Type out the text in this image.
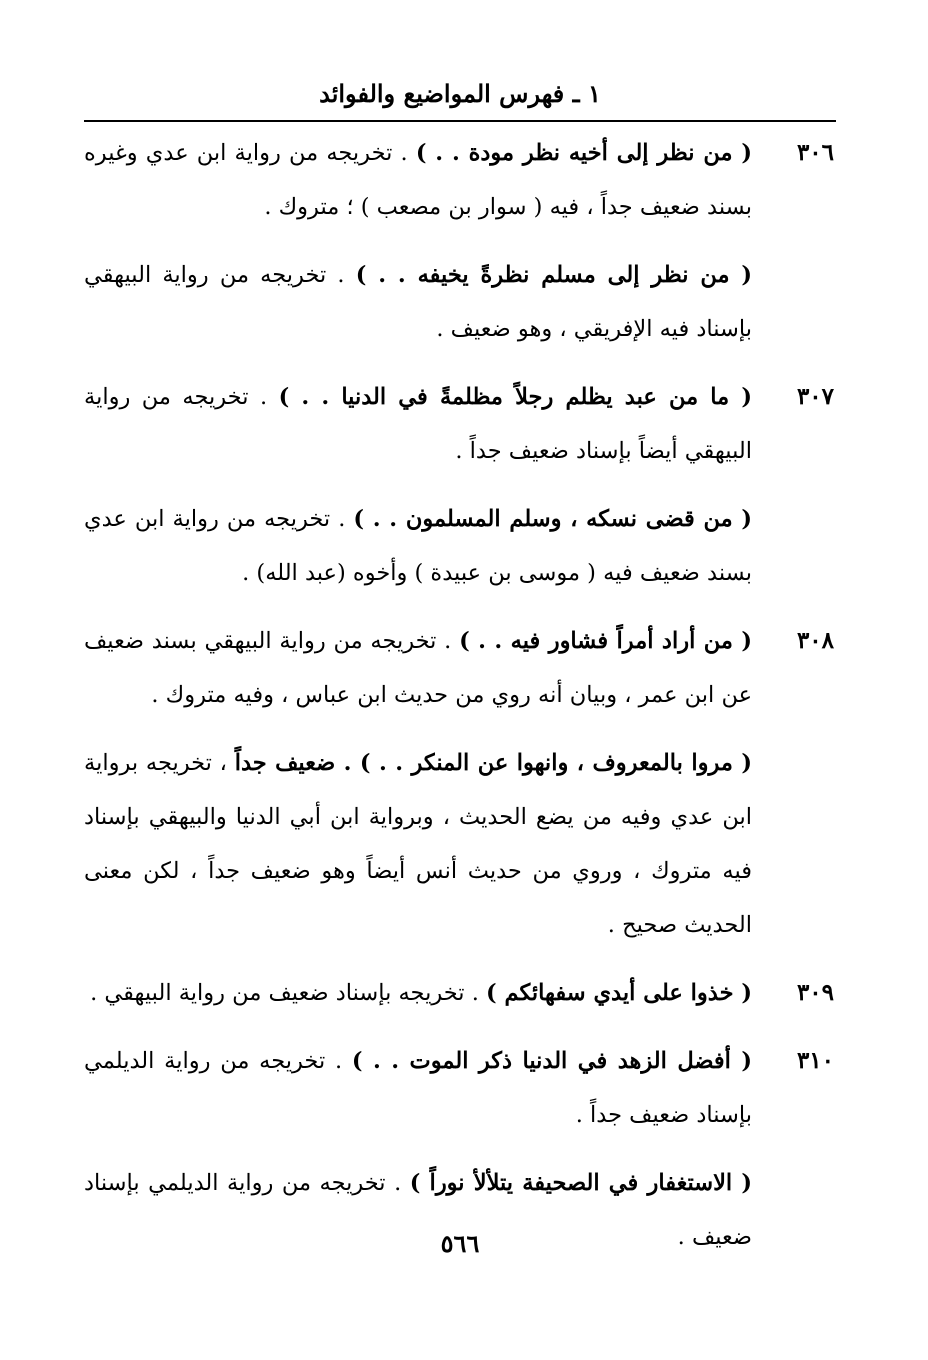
١ ـ فهرس المواضيع والفوائد
٣٠٦

( من نظر إلى أخيه نظر مودة . . ) . تخريجه من رواية ابن عدي وغيره بسند ضعيف جداً ، فيه ( سوار بن مصعب ) ؛ متروك .

( من نظر إلى مسلم نظرةً يخيفه . . ) . تخريجه من رواية البيهقي بإسناد فيه الإفريقي ، وهو ضعيف .

٣٠٧

( ما من عبد يظلم رجلاً مظلمةً في الدنيا . . ) . تخريجه من رواية البيهقي أيضاً بإسناد ضعيف جداً .

( من قضى نسكه ، وسلم المسلمون . . ) . تخريجه من رواية ابن عدي بسند ضعيف فيه ( موسى بن عبيدة ) وأخوه (عبد الله) .

٣٠٨

( من أراد أمراً فشاور فيه . . ) . تخريجه من رواية البيهقي بسند ضعيف عن ابن عمر ، وبيان أنه روي من حديث ابن عباس ، وفيه متروك .

( مروا بالمعروف ، وانهوا عن المنكر . . ) . ضعيف جداً ، تخريجه برواية ابن عدي وفيه من يضع الحديث ، وبرواية ابن أبي الدنيا والبيهقي بإسناد فيه متروك ، وروي من حديث أنس أيضاً وهو ضعيف جداً ، لكن معنى الحديث صحيح .

٣٠٩

( خذوا على أيدي سفهائكم ) . تخريجه بإسناد ضعيف من رواية البيهقي .

٣١٠

( أفضل الزهد في الدنيا ذكر الموت . . ) . تخريجه من رواية الديلمي بإسناد ضعيف جداً .

( الاستغفار في الصحيفة يتلألأ نوراً ) . تخريجه من رواية الديلمي بإسناد ضعيف .

٥٦٦
